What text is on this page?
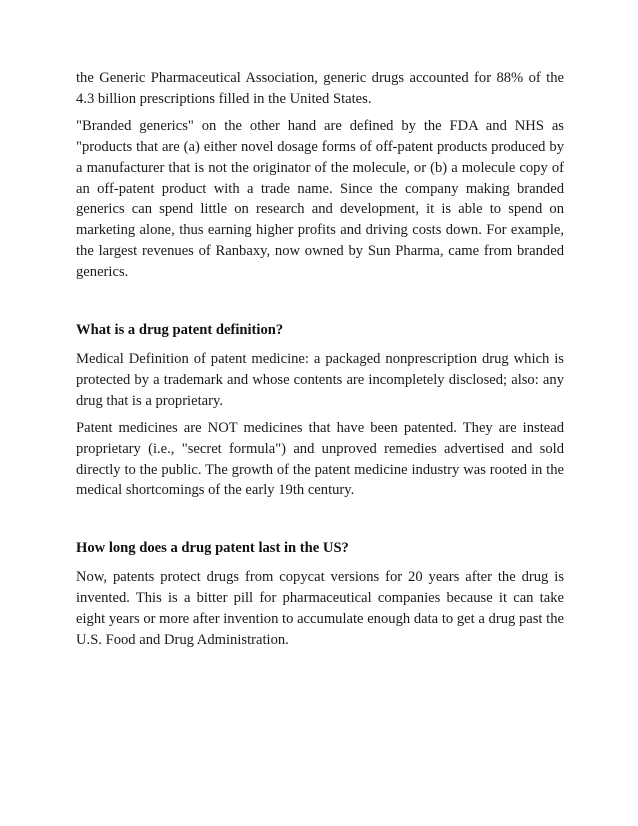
the Generic Pharmaceutical Association, generic drugs accounted for 88% of the 4.3 billion prescriptions filled in the United States.

"Branded generics" on the other hand are defined by the FDA and NHS as "products that are (a) either novel dosage forms of off-patent products produced by a manufacturer that is not the originator of the molecule, or (b) a molecule copy of an off-patent product with a trade name. Since the company making branded generics can spend little on research and development, it is able to spend on marketing alone, thus earning higher profits and driving costs down. For example, the largest revenues of Ranbaxy, now owned by Sun Pharma, came from branded generics.

What is a drug patent definition?

Medical Definition of patent medicine: a packaged nonprescription drug which is protected by a trademark and whose contents are incompletely disclosed; also: any drug that is a proprietary.

Patent medicines are NOT medicines that have been patented. They are instead proprietary (i.e., "secret formula") and unproved remedies advertised and sold directly to the public. The growth of the patent medicine industry was rooted in the medical shortcomings of the early 19th century.

How long does a drug patent last in the US?

Now, patents protect drugs from copycat versions for 20 years after the drug is invented. This is a bitter pill for pharmaceutical companies because it can take eight years or more after invention to accumulate enough data to get a drug past the U.S. Food and Drug Administration.
